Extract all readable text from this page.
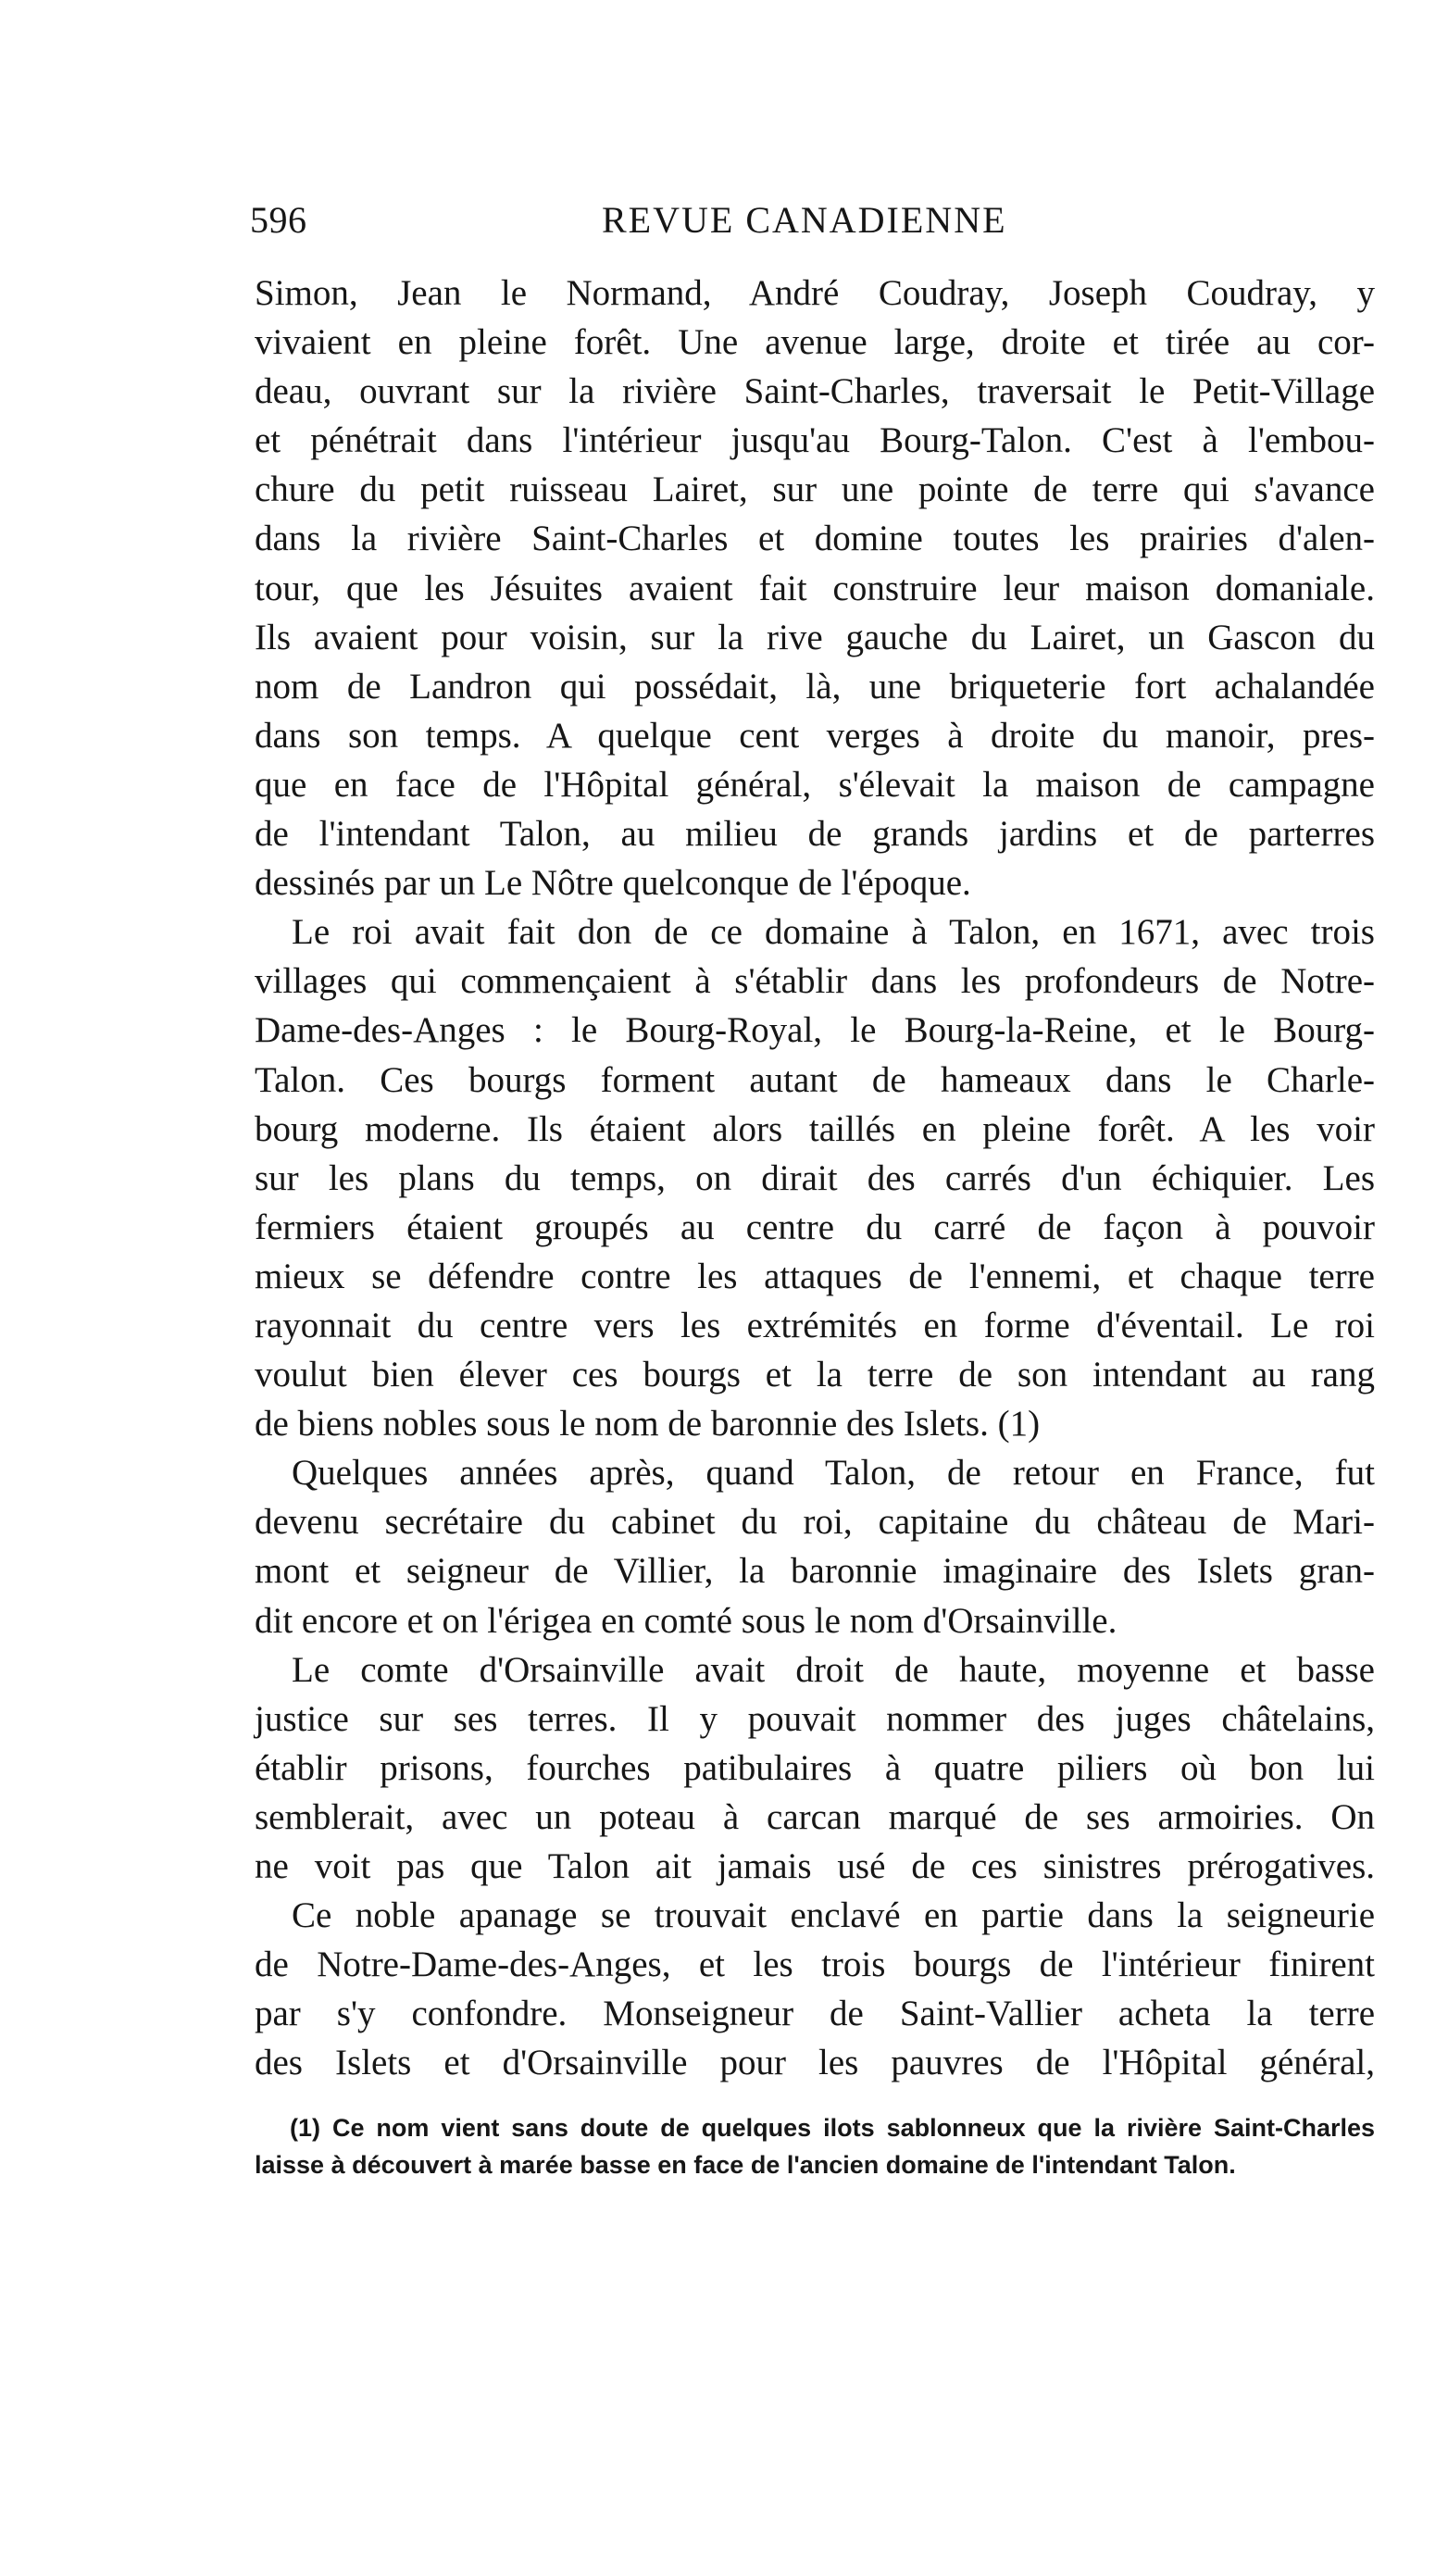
596	REVUE CANADIENNE
Simon, Jean le Normand, André Coudray, Joseph Coudray, y
vivaient en pleine forêt. Une avenue large, droite et tirée au cor-
deau, ouvrant sur la rivière Saint-Charles, traversait le Petit-Village
et pénétrait dans l'intérieur jusqu'au Bourg-Talon. C'est à l'embou-
chure du petit ruisseau Lairet, sur une pointe de terre qui s'avance
dans la rivière Saint-Charles et domine toutes les prairies d'alen-
tour, que les Jésuites avaient fait construire leur maison domaniale.
Ils avaient pour voisin, sur la rive gauche du Lairet, un Gascon du
nom de Landron qui possédait, là, une briqueterie fort achalandée
dans son temps. A quelque cent verges à droite du manoir, pres-
que en face de l'Hôpital général, s'élevait la maison de campagne
de l'intendant Talon, au milieu de grands jardins et de parterres
dessinés par un Le Nôtre quelconque de l'époque.
Le roi avait fait don de ce domaine à Talon, en 1671, avec trois
villages qui commençaient à s'établir dans les profondeurs de Notre-
Dame-des-Anges : le Bourg-Royal, le Bourg-la-Reine, et le Bourg-
Talon. Ces bourgs forment autant de hameaux dans le Charle-
bourg moderne. Ils étaient alors taillés en pleine forêt. A les voir
sur les plans du temps, on dirait des carrés d'un échiquier. Les
fermiers étaient groupés au centre du carré de façon à pouvoir
mieux se défendre contre les attaques de l'ennemi, et chaque terre
rayonnait du centre vers les extrémités en forme d'éventail. Le roi
voulut bien élever ces bourgs et la terre de son intendant au rang
de biens nobles sous le nom de baronnie des Islets. (1)
Quelques années après, quand Talon, de retour en France, fut
devenu secrétaire du cabinet du roi, capitaine du château de Mari-
mont et seigneur de Villier, la baronnie imaginaire des Islets gran-
dit encore et on l'érigea en comté sous le nom d'Orsainville.
Le comte d'Orsainville avait droit de haute, moyenne et basse
justice sur ses terres. Il y pouvait nommer des juges châtelains,
établir prisons, fourches patibulaires à quatre piliers où bon lui
semblerait, avec un poteau à carcan marqué de ses armoiries. On
ne voit pas que Talon ait jamais usé de ces sinistres prérogatives.
Ce noble apanage se trouvait enclavé en partie dans la seigneurie
de Notre-Dame-des-Anges, et les trois bourgs de l'intérieur finirent
par s'y confondre. Monseigneur de Saint-Vallier acheta la terre
des Islets et d'Orsainville pour les pauvres de l'Hôpital général,
(1) Ce nom vient sans doute de quelques ilots sablonneux que la rivière Saint-Charles
laisse à découvert à marée basse en face de l'ancien domaine de l'intendant Talon.
